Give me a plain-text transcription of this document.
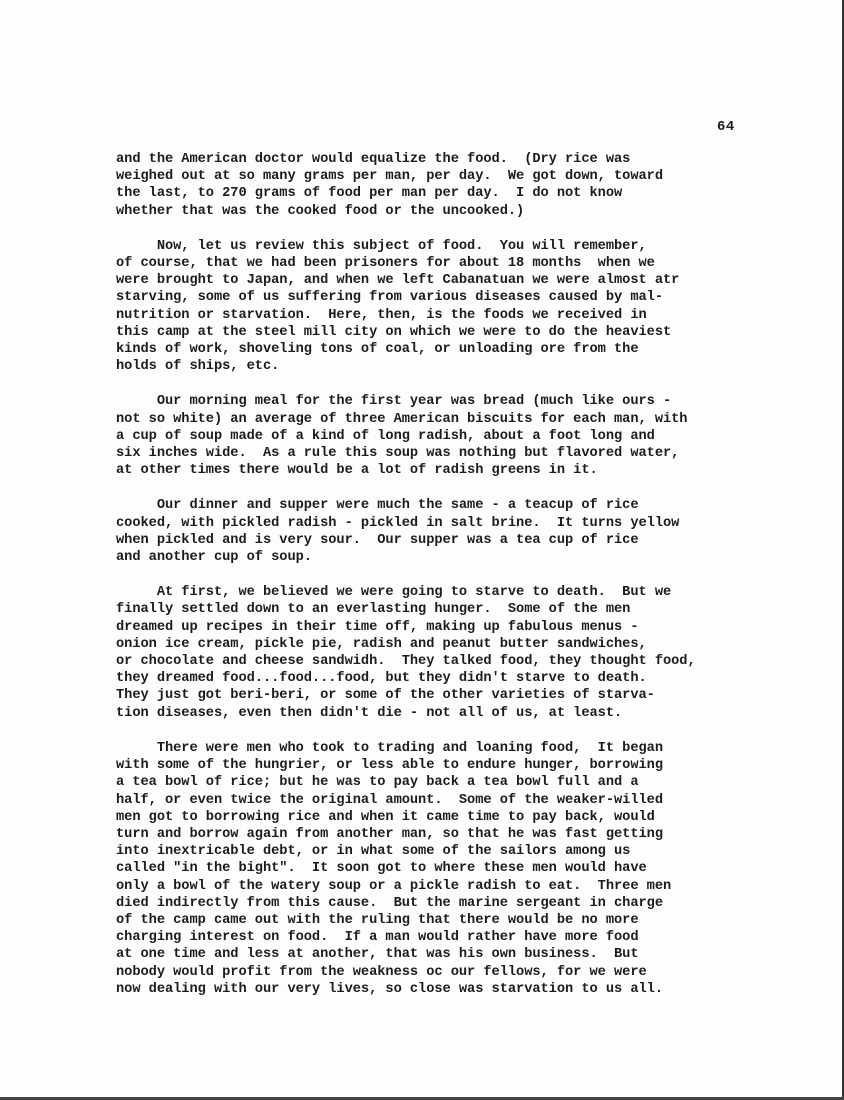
64
and the American doctor would equalize the food.  (Dry rice was
weighed out at so many grams per man, per day.  We got down, toward
the last, to 270 grams of food per man per day.  I do not know
whether that was the cooked food or the uncooked.)
Now, let us review this subject of food.  You will remember,
of course, that we had been prisoners for about 18 months  when we
were brought to Japan, and when we left Cabanatuan we were almost atr
starving, some of us suffering from various diseases caused by mal-
nutrition or starvation.  Here, then, is the foods we received in
this camp at the steel mill city on which we were to do the heaviest
kinds of work, shoveling tons of coal, or unloading ore from the
holds of ships, etc.
Our morning meal for the first year was bread (much like ours -
not so white) an average of three American biscuits for each man, with
a cup of soup made of a kind of long radish, about a foot long and
six inches wide.  As a rule this soup was nothing but flavored water,
at other times there would be a lot of radish greens in it.
Our dinner and supper were much the same - a teacup of rice
cooked, with pickled radish - pickled in salt brine.  It turns yellow
when pickled and is very sour.  Our supper was a tea cup of rice
and another cup of soup.
At first, we believed we were going to starve to death.  But we
finally settled down to an everlasting hunger.  Some of the men
dreamed up recipes in their time off, making up fabulous menus -
onion ice cream, pickle pie, radish and peanut butter sandwiches,
or chocolate and cheese sandwidh.  They talked food, they thought food,
they dreamed food...food...food, but they didn't starve to death.
They just got beri-beri, or some of the other varieties of starva-
tion diseases, even then didn't die - not all of us, at least.
There were men who took to trading and loaning food,  It began
with some of the hungrier, or less able to endure hunger, borrowing
a tea bowl of rice; but he was to pay back a tea bowl full and a
half, or even twice the original amount.  Some of the weaker-willed
men got to borrowing rice and when it came time to pay back, would
turn and borrow again from another man, so that he was fast getting
into inextricable debt, or in what some of the sailors among us
called "in the bight".  It soon got to where these men would have
only a bowl of the watery soup or a pickle radish to eat.  Three men
died indirectly from this cause.  But the marine sergeant in charge
of the camp came out with the ruling that there would be no more
charging interest on food.  If a man would rather have more food
at one time and less at another, that was his own business.  But
nobody would profit from the weakness oc our fellows, for we were
now dealing with our very lives, so close was starvation to us all.
